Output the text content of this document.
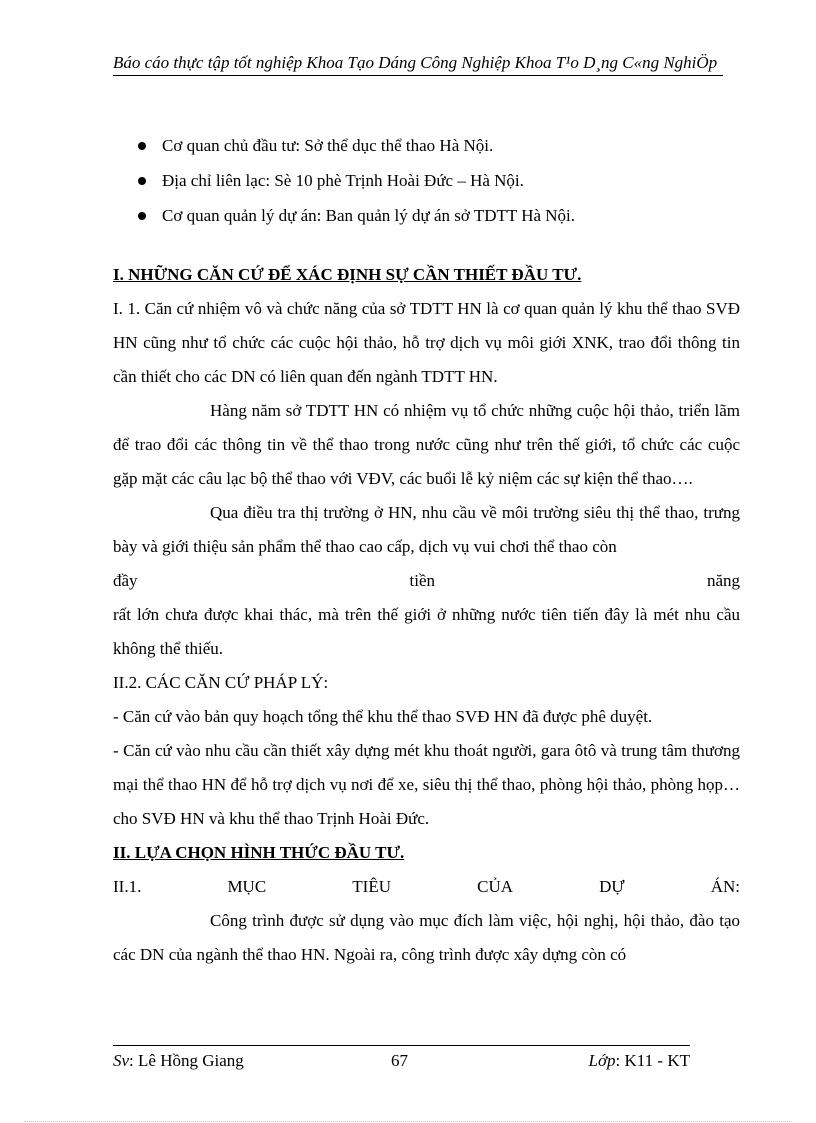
Báo cáo thực tập tốt nghiệp Khoa Tạo Dáng Công Nghiệp Khoa T¹o D¸ng C«ng NghiÖp
Cơ quan chủ đầu tư: Sở thể dục thể thao Hà Nội.
Địa chỉ liên lạc: Sè 10 phè Trịnh Hoài Đức – Hà Nội.
Cơ quan quản lý dự án: Ban quản lý dự án sở TDTT Hà Nội.

I. NHỮNG CĂN CỨ ĐỂ XÁC ĐỊNH SỰ CẦN THIẾT ĐẦU TƯ.

I. 1. Căn cứ nhiệm vô và chức năng của sở TDTT HN là cơ quan quản lý khu thể thao SVĐ HN cũng như tổ chức các cuộc hội thảo, hỗ trợ dịch vụ môi giới XNK, trao đổi thông tin cần thiết cho các DN có liên quan đến ngành TDTT HN.

Hàng năm sở TDTT HN có nhiệm vụ tổ chức những cuộc hội thảo, triển lãm để trao đổi các thông tin về thể thao trong nước cũng như trên thế giới, tổ chức các cuộc gặp mặt các câu lạc bộ thể thao với VĐV, các buổi lễ kỷ niệm các sự kiện thể thao….

Qua điều tra thị trường ở HN, nhu cầu về môi trường siêu thị thể thao, trưng bày và giới thiệu sản phẩm thể thao cao cấp, dịch vụ vui chơi thể thao còn

đầy	tiền	năng

rất lớn chưa được khai thác, mà trên thế giới ở những nước tiên tiến đây là mét nhu cầu không thể thiếu.

II.2. CÁC CĂN CỨ PHÁP LÝ:

- Căn cứ vào bản quy hoạch tổng thể khu thể thao SVĐ HN đã được phê duyệt.

- Căn cứ vào nhu cầu cần thiết xây dựng mét khu thoát người, gara ôtô và trung tâm thương mại thể thao HN để hỗ trợ dịch vụ nơi để xe, siêu thị thể thao, phòng hội thảo, phòng họp… cho SVĐ HN và khu thể thao Trịnh Hoài Đức.

II. LỰA CHỌN HÌNH THỨC ĐẦU TƯ.

II.1.	MỤC	TIÊU	CỦA	DỰ	ÁN:

Công trình được sử dụng vào mục đích làm việc, hội nghị, hội thảo, đào tạo các DN của ngành thể thao HN. Ngoài ra, công trình được xây dựng còn có

Sv: Lê Hồng Giang	67	Lớp: K11 - KT
